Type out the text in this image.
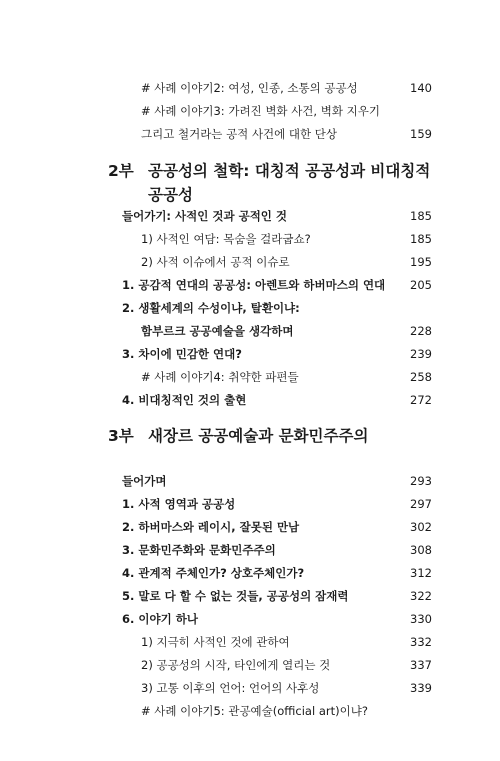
# 사례 이야기2: 여성, 인종, 소통의 공공성	140
# 사례 이야기3: 가려진 벽화 사건, 벽화 지우기
그리고 철거라는 공적 사건에 대한 단상	159
2부 공공성의 철학: 대칭적 공공성과 비대칭적
공공성
들어가기: 사적인 것과 공적인 것	185
1) 사적인 여담: 목숨을 걸라굽쇼?	185
2) 사적 이슈에서 공적 이슈로	195
1. 공감적 연대의 공공성: 아렌트와 하버마스의 연대 205
2. 생활세계의 수성이냐, 탈환이냐:
함부르크 공공예술을 생각하며	228
3. 차이에 민감한 연대?	239
# 사례 이야기4: 취약한 파편들	258
4. 비대칭적인 것의 출현	272
3부 새장르 공공예술과 문화민주주의
들어가며	293
1. 사적 영역과 공공성	297
2. 하버마스와 레이시, 잘못된 만남	302
3. 문화민주화와 문화민주주의	308
4. 관계적 주체인가? 상호주체인가?	312
5. 말로 다 할 수 없는 것들, 공공성의 잠재력	322
6. 이야기 하나	330
1) 지극히 사적인 것에 관하여	332
2) 공공성의 시작, 타인에게 열리는 것	337
3) 고통 이후의 언어: 언어의 사후성	339
# 사례 이야기5: 관공예술(official art)이냐?
